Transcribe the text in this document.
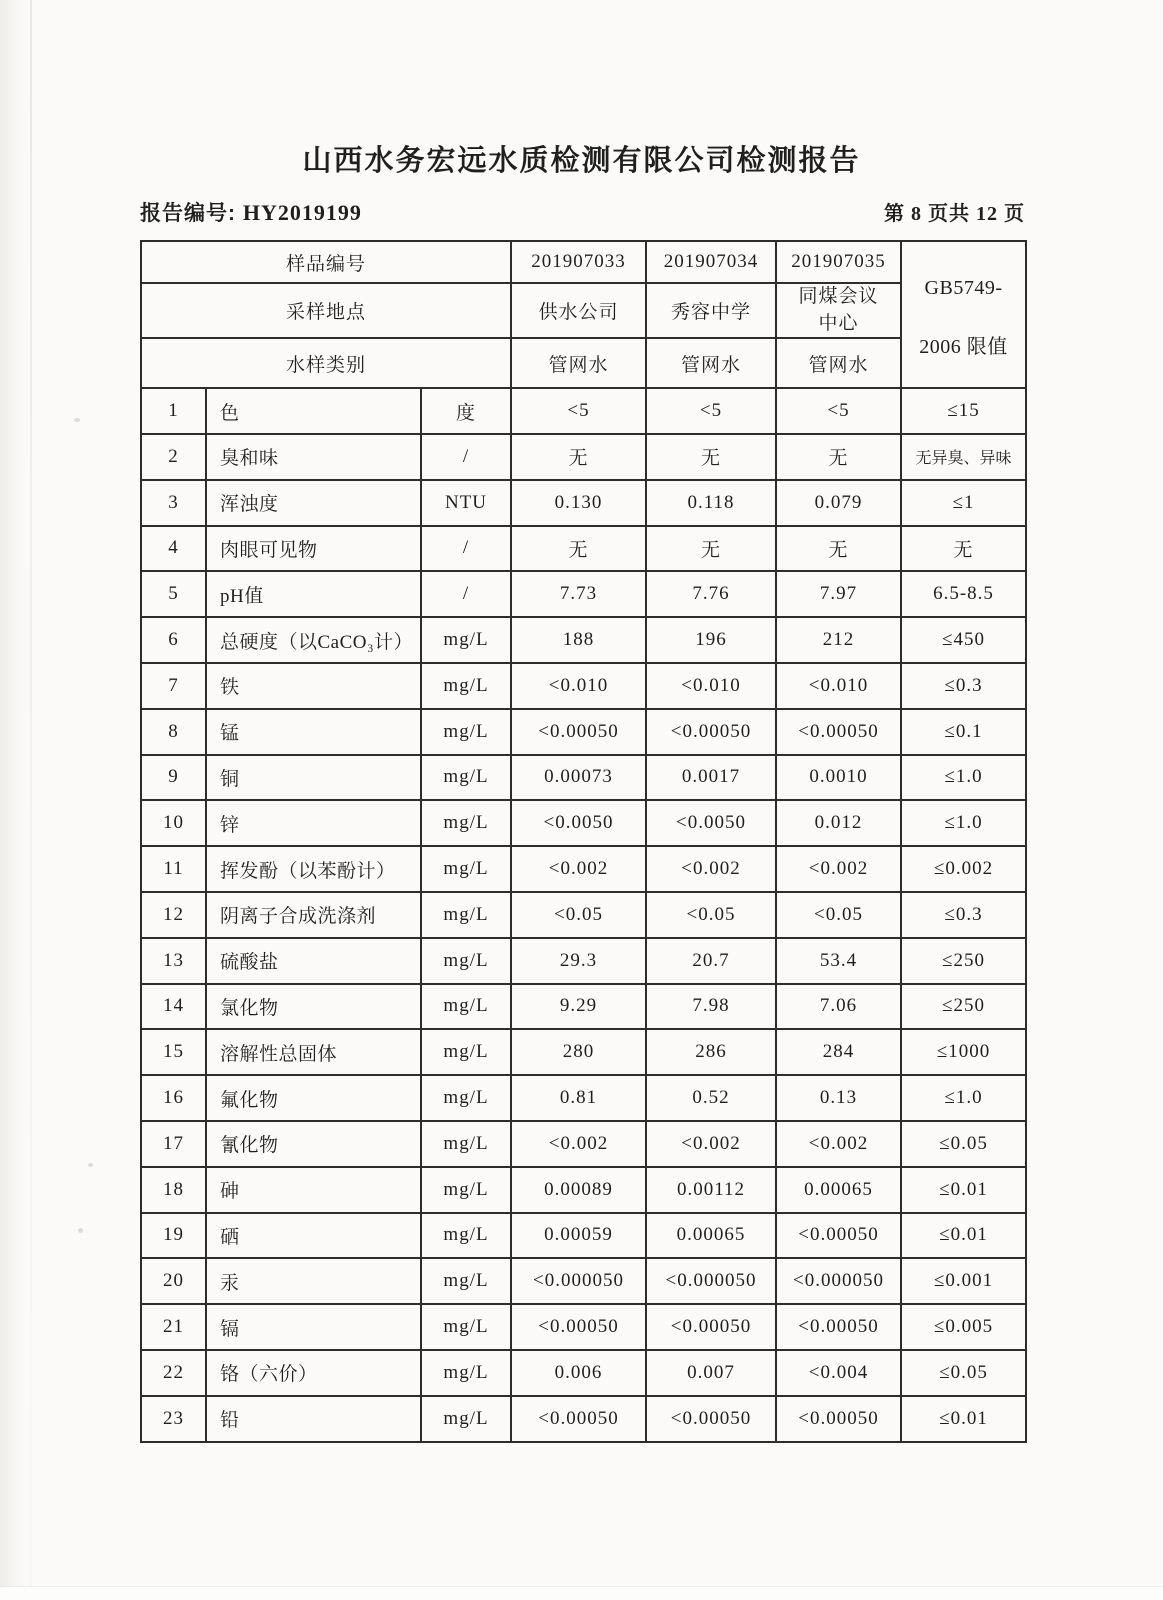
山西水务宏远水质检测有限公司检测报告
报告编号: HY2019199	第 8 页共 12 页
样品编号			201907033	201907034	201907035	GB5749-
2006 限值

采样地点			供水公司	秀容中学	同煤会议中心	
水样类别			管网水	管网水	管网水	
1	色	度	<5	<5	<5	≤15
2	臭和味	/	无	无	无	无异臭、异味
3	浑浊度	NTU	0.130	0.118	0.079	≤1
4	肉眼可见物	/	无	无	无	无
5	pH值	/	7.73	7.76	7.97	6.5-8.5
6	总硬度（以CaCO₃计）	mg/L	188	196	212	≤450
7	铁	mg/L	<0.010	<0.010	<0.010	≤0.3
8	锰	mg/L	<0.00050	<0.00050	<0.00050	≤0.1
9	铜	mg/L	0.00073	0.0017	0.0010	≤1.0
10	锌	mg/L	<0.0050	<0.0050	0.012	≤1.0
11	挥发酚（以苯酚计）	mg/L	<0.002	<0.002	<0.002	≤0.002
12	阴离子合成洗涤剂	mg/L	<0.05	<0.05	<0.05	≤0.3
13	硫酸盐	mg/L	29.3	20.7	53.4	≤250
14	氯化物	mg/L	9.29	7.98	7.06	≤250
15	溶解性总固体	mg/L	280	286	284	≤1000
16	氟化物	mg/L	0.81	0.52	0.13	≤1.0
17	氰化物	mg/L	<0.002	<0.002	<0.002	≤0.05
18	砷	mg/L	0.00089	0.00112	0.00065	≤0.01
19	硒	mg/L	0.00059	0.00065	<0.00050	≤0.01
20	汞	mg/L	<0.000050	<0.000050	<0.000050	≤0.001
21	镉	mg/L	<0.00050	<0.00050	<0.00050	≤0.005
22	铬（六价）	mg/L	0.006	0.007	<0.004	≤0.05
23	铅	mg/L	<0.00050	<0.00050	<0.00050	≤0.01
